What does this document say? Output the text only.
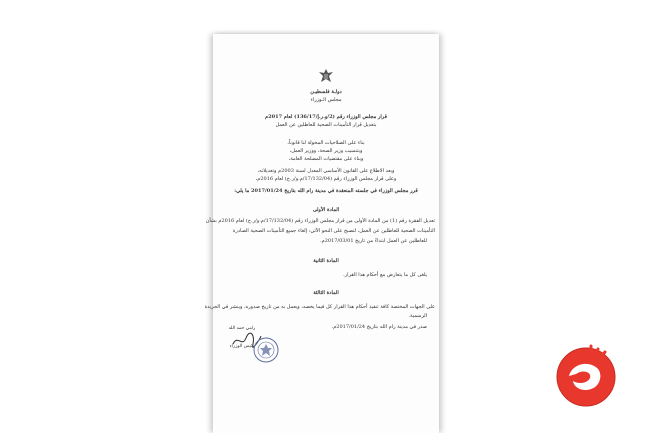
دولـة فلسطيـن

مجلس الـوزراء

قرار مجلس الوزراء رقم (2/و.ر.إ/136/17) لعام 2017م

بتعديل قرار التأمينات الصحية للعاطلين عن العمل

بناء على الصلاحيات المخولة لنا قانوناً،

وبتنسيب وزير الصحة، ووزير العمل،

وبناء على مقتضيات المصلحة العامة،

وبعد الاطلاع على القانون الأساسي المعدل لسنة 2003م وتعديلاته،

وعلى قرار مجلس الوزراء رقم (17/132/04/م.و/ر.ح) لعام 2016م،

قرر مجلس الوزراء في جلسته المنعقدة في مدينة رام الله بتاريخ 2017/01/24 ما يلي:

المادة الأولى

تعديل الفقرة رقم (1) من المادة الأولى من قرار مجلس الوزراء رقم (17/132/04/م.و/ر.ح) لعام 2016م بشأن

التأمينات الصحية للعاطلين عن العمل، لتصبح على النحو الآتي: إلغاء جميع التأمينات الصحية الصادرة

للعاطلين عن العمل ابتداءً من تاريخ 2017/03/01م.

المادة الثانية

يلغى كل ما يتعارض مع أحكام هذا القرار.

المادة الثالثة

على الجهات المختصة كافة تنفيذ أحكام هذا القرار كل فيما يخصه، ويعمل به من تاريخ صدوره، وينشر في الجريدة

الرسمية.

صدر في مدينة رام الله بتاريخ 2017/01/24م.

رامي حمد الله
رئيس الوزراء
